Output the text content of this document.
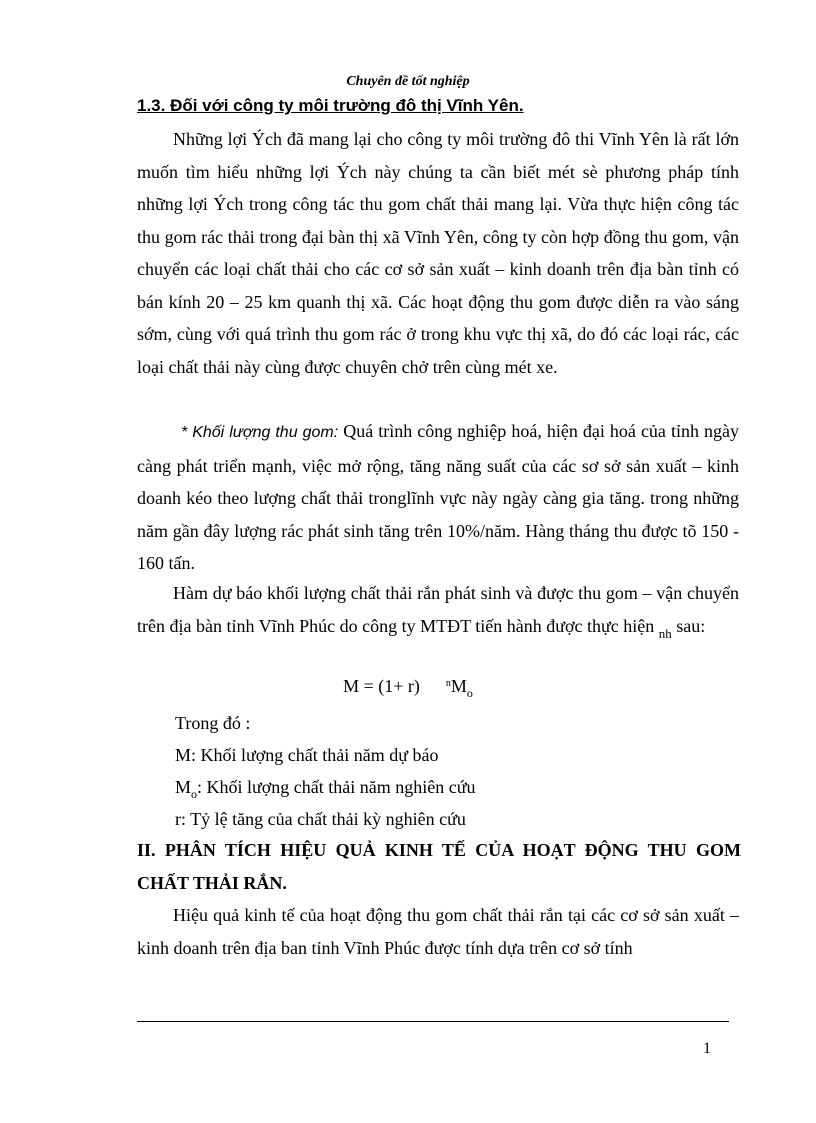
Chuyên đề tốt nghiệp
1.3. Đối với công ty môi trường đô thị Vĩnh Yên.

Những lợi Ých đã mang lại cho công ty môi trường đô thi Vĩnh Yên là rất lớn muốn tìm hiểu những lợi Ých này chúng ta cần biết mét sè phương pháp tính những lợi Ých trong công tác thu gom chất thải mang lại. Vừa thực hiện công tác thu gom rác thải trong đại bàn thị xã Vĩnh Yên, công ty còn hợp đồng thu gom, vận chuyển các loại chất thải cho các cơ sở sản xuất – kinh doanh trên địa bàn tỉnh có bán kính 20 – 25 km quanh thị xã. Các hoạt động thu gom được diễn ra vào sáng sớm, cùng với quá trình thu gom rác ở trong khu vực thị xã, do đó các loại rác, các loại chất thải này cùng được chuyên chở trên cùng mét xe.

* Khối lượng thu gom: Quá trình công nghiệp hoá, hiện đại hoá của tỉnh ngày càng phát triển mạnh, việc mở rộng, tăng năng suất của các sơ sở sản xuất – kinh doanh kéo theo lượng chất thải tronglĩnh vực này ngày càng gia tăng. trong những năm gần đây lượng rác phát sinh tăng trên 10%/năm. Hàng tháng thu được tõ 150 - 160 tấn.

Hàm dự báo khối lượng chất thải rắn phát sinh và được thu gom – vận chuyển trên địa bàn tỉnh Vĩnh Phúc do công ty MTĐT tiến hành được thực hiện $_{nh}$ sau:

M = (1+ r)	$^nM_o$
Trong đó :
M: Khối lượng chất thải năm dự báo
$M_o$: Khối lượng chất thải năm nghiên cứu
r: Tỷ lệ tăng của chất thải kỳ nghiên cứu
II. PHÂN TÍCH HIỆU QUẢ KINH TẾ CỦA HOẠT ĐỘNG THU GOM CHẤT THẢI RẮN.

Hiệu quả kinh tế của hoạt động thu gom chất thải rắn tại các cơ sở sản xuất – kinh doanh trên địa ban tỉnh Vĩnh Phúc được tính dựa trên cơ sở tính

1
